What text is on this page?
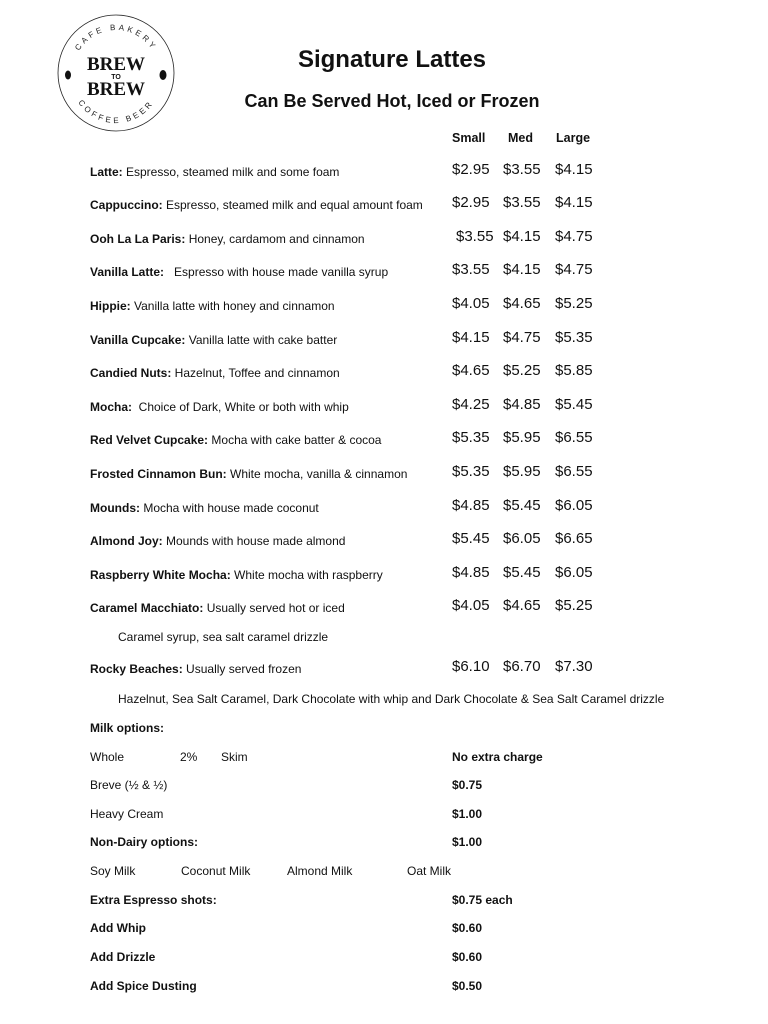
CAFE BAKERY
COFFEE BEER
BREW
TO
BREW
Signature Lattes
Can Be Served Hot, Iced or Frozen
Small Med Large
Latte: Espresso, steamed milk and some foam	$2.95 $3.55 $4.15
Cappuccino: Espresso, steamed milk and equal amount foam $2.95 $3.55 $4.15
Ooh La La Paris: Honey, cardamom and cinnamon	$3.55 $4.15 $4.75
Vanilla Latte:   Espresso with house made vanilla syrup	$3.55 $4.15 $4.75
Hippie: Vanilla latte with honey and cinnamon	$4.05 $4.65 $5.25
Vanilla Cupcake: Vanilla latte with cake batter	$4.15 $4.75 $5.35
Candied Nuts: Hazelnut, Toffee and cinnamon	$4.65 $5.25 $5.85
Mocha:  Choice of Dark, White or both with whip	$4.25 $4.85 $5.45
Red Velvet Cupcake: Mocha with cake batter & cocoa	$5.35 $5.95 $6.55
Frosted Cinnamon Bun: White mocha, vanilla & cinnamon	$5.35 $5.95 $6.55
Mounds: Mocha with house made coconut	$4.85 $5.45 $6.05
Almond Joy: Mounds with house made almond	$5.45 $6.05 $6.65
Raspberry White Mocha: White mocha with raspberry	$4.85 $5.45 $6.05
Caramel Macchiato: Usually served hot or iced	$4.05 $4.65 $5.25
Rocky Beaches: Usually served frozen	$6.10 $6.70 $7.30
Caramel syrup, sea salt caramel drizzle
Hazelnut, Sea Salt Caramel, Dark Chocolate with whip and Dark Chocolate & Sea Salt Caramel drizzle
Milk options:
Whole	2% Skim	No extra charge
Breve (½ & ½)	$0.75
Heavy Cream	$1.00
Non-Dairy options:	$1.00
Soy Milk	Coconut Milk	Almond Milk	Oat Milk
Extra Espresso shots:	$0.75 each
Add Whip	$0.60
Add Drizzle	$0.60
Add Spice Dusting	$0.50
